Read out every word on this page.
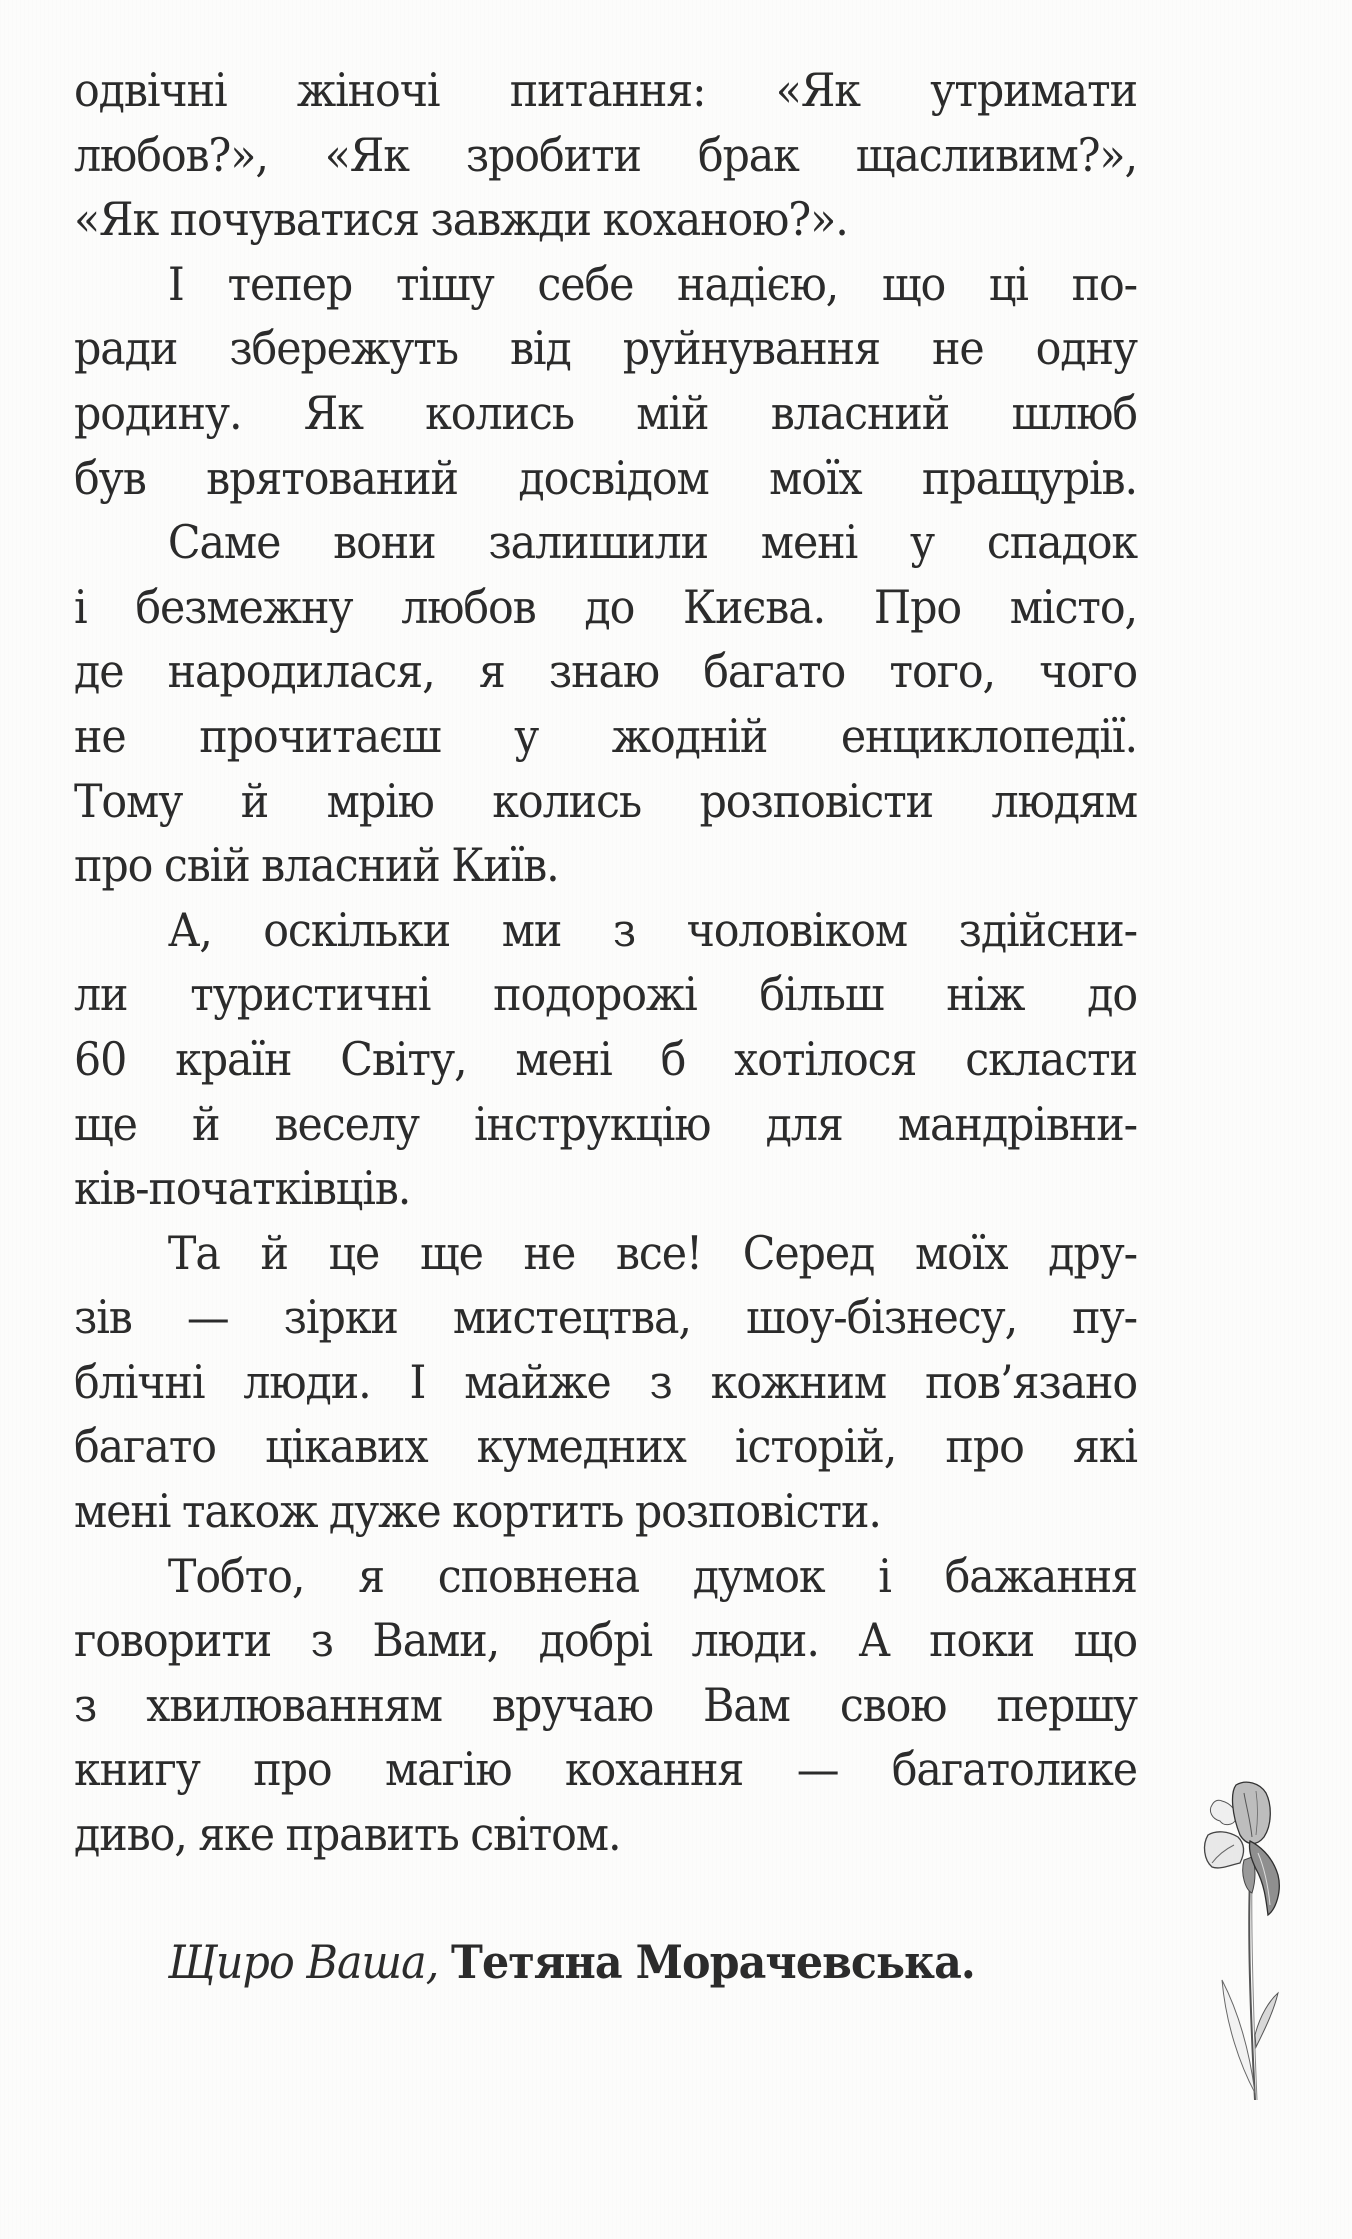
одвічні жіночі питання: «Як утримати
любов?», «Як зробити брак щасливим?»,
«Як почуватися завжди коханою?».
І тепер тішу себе надією, що ці по-
ради збережуть від руйнування не одну
родину. Як колись мій власний шлюб
був врятований досвідом моїх пращурів.
Саме вони залишили мені у спадок
і безмежну любов до Києва. Про місто,
де народилася, я знаю багато того, чого
не прочитаєш у жодній енциклопедії.
Тому й мрію колись розповісти людям
про свій власний Київ.
А, оскільки ми з чоловіком здійсни-
ли туристичні подорожі більш ніж до
60 країн Світу, мені б хотілося скласти
ще й веселу інструкцію для мандрівни-
ків-початківців.
Та й це ще не все! Серед моїх дру-
зів — зірки мистецтва, шоу-бізнесу, пу-
блічні люди. І майже з кожним пов’язано
багато цікавих кумедних історій, про які
мені також дуже кортить розповісти.
Тобто, я сповнена думок і бажання
говорити з Вами, добрі люди. А поки що
з хвилюванням вручаю Вам свою першу
книгу про магію кохання — багатолике
диво, яке править світом.
Щиро Ваша, Тетяна Морачевська.
